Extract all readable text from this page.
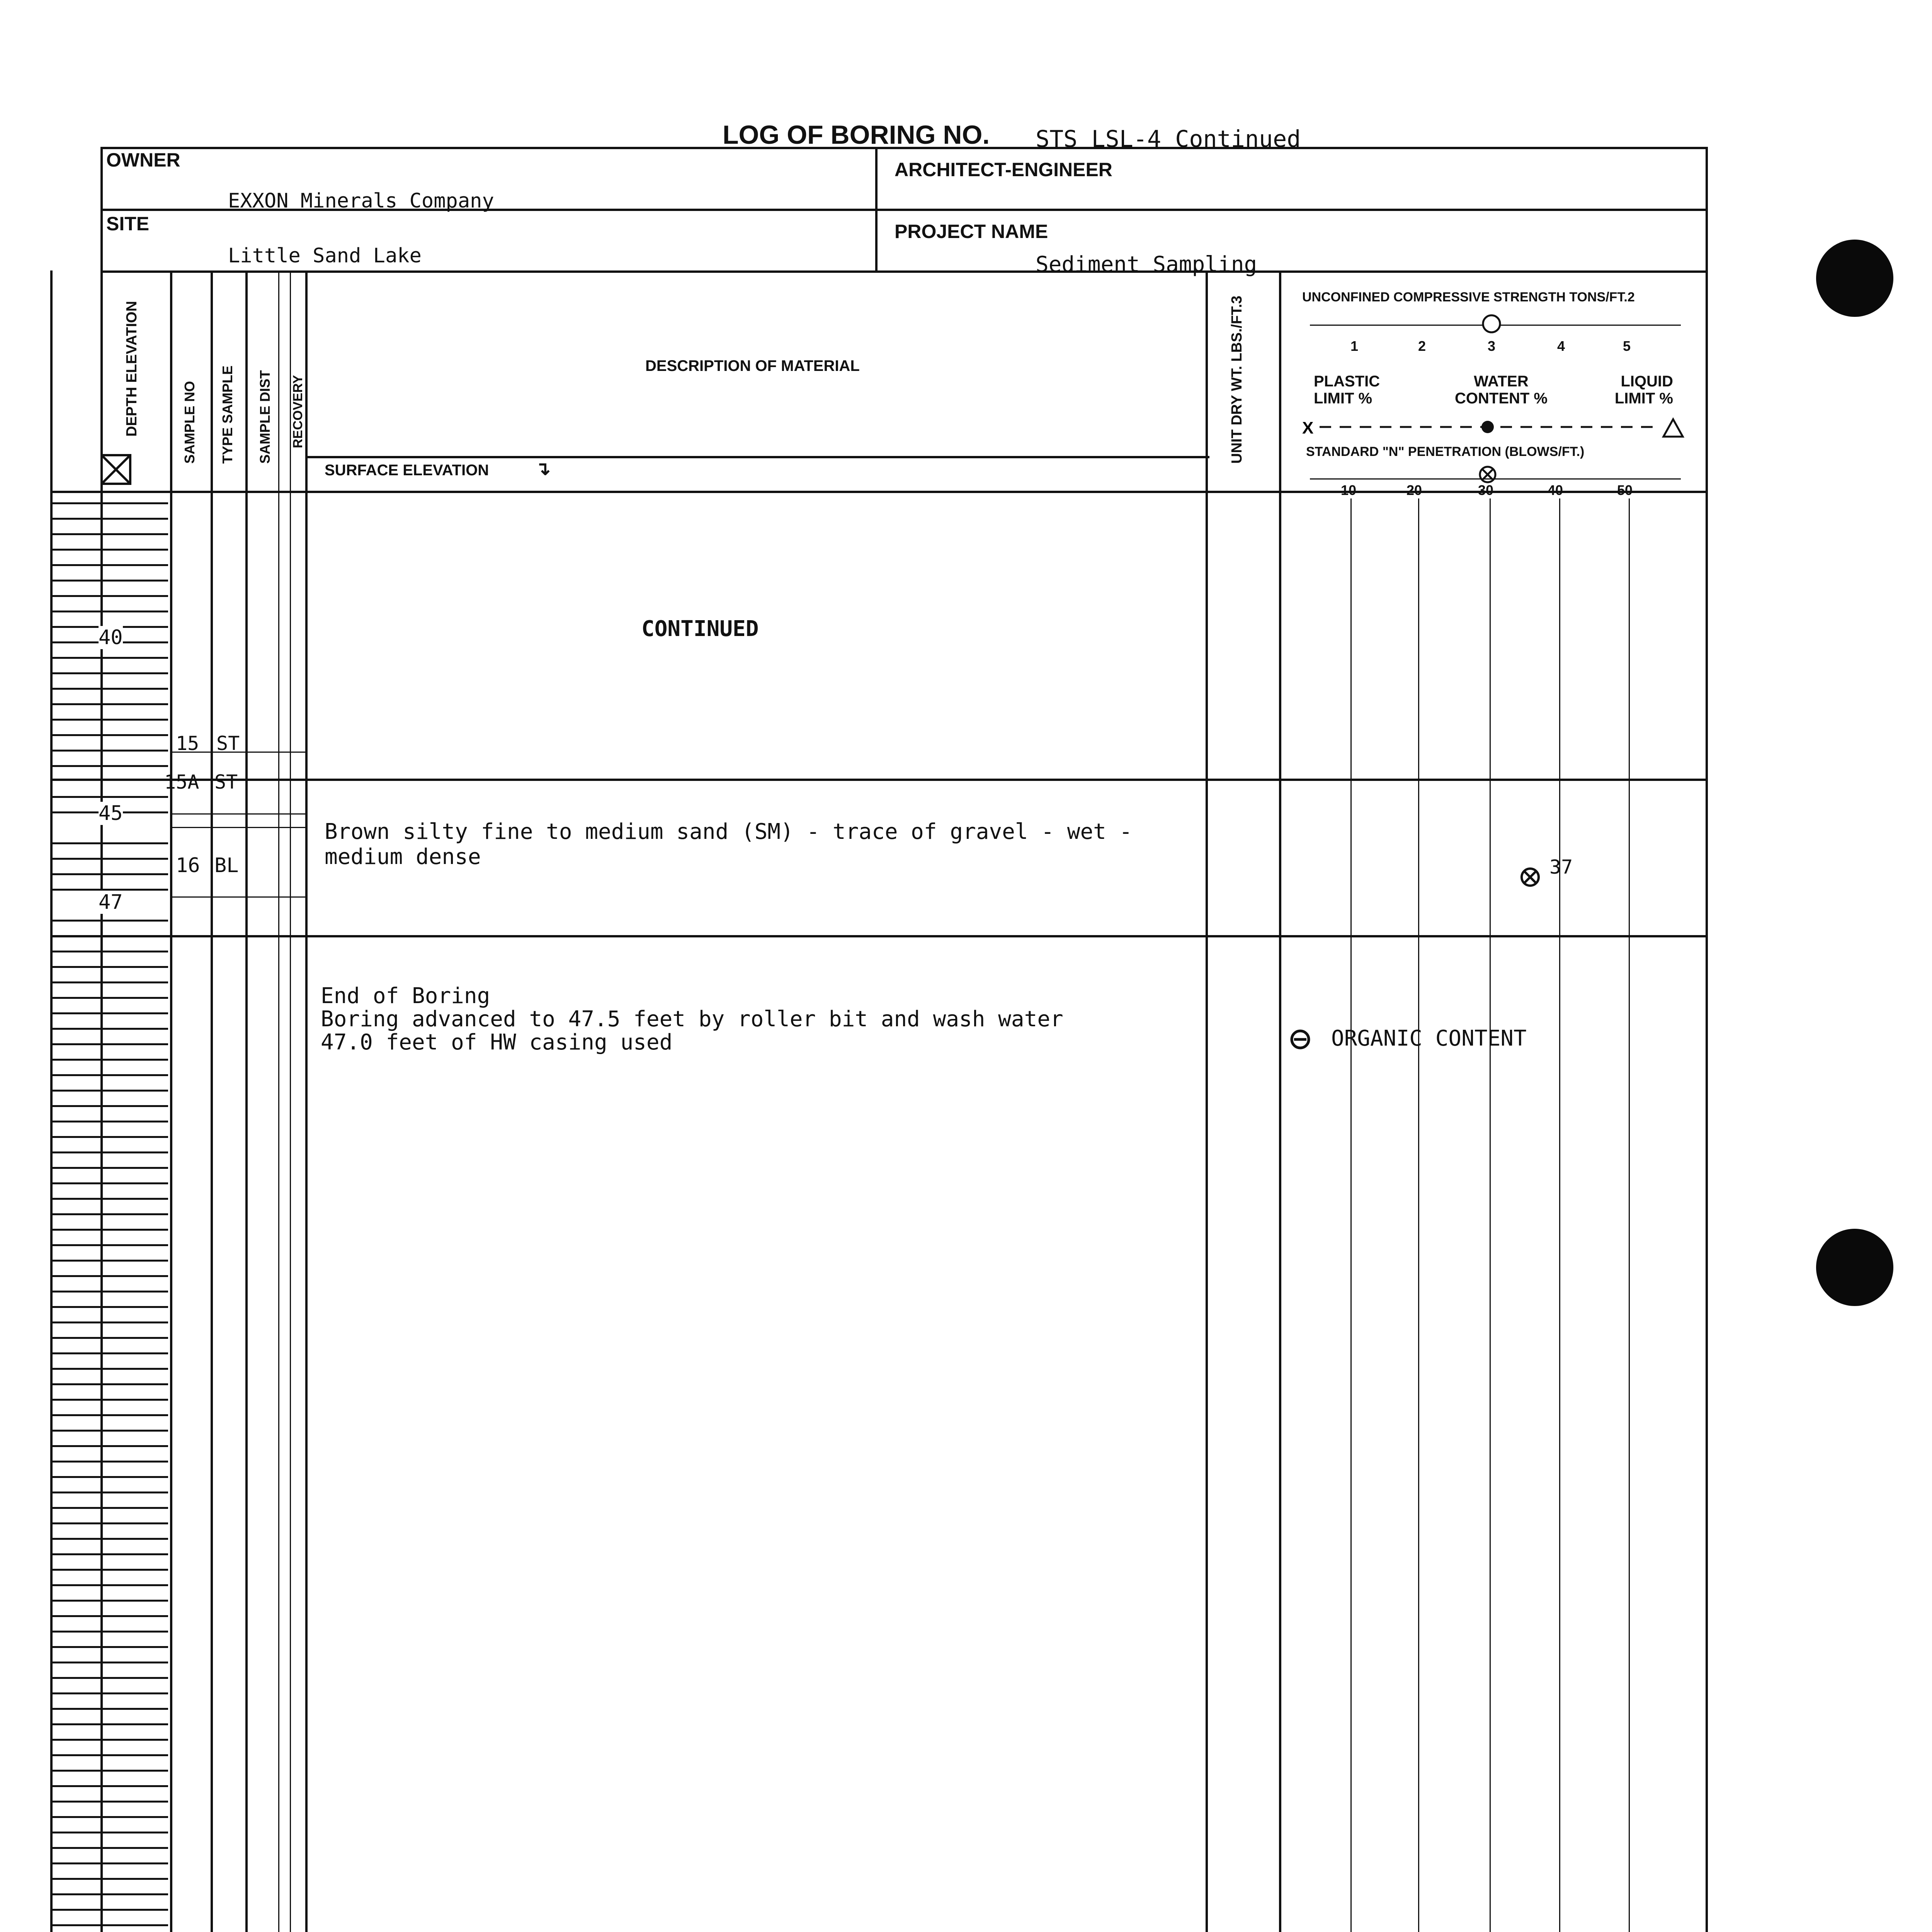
LOG OF BORING NO. STS LSL-4 Continued
OWNER
EXXON Minerals Company
ARCHITECT-ENGINEER
SITE
Little Sand Lake
PROJECT NAME
Sediment Sampling
DEPTH ELEVATION	SAMPLE NO TYPE SAMPLE SAMPLE DIST RECOVERY	UNIT DRY WT. LBS./FT.3
DESCRIPTION OF MATERIAL
SURFACE ELEVATION ↴
UNCONFINED COMPRESSIVE STRENGTH TONS/FT.2
1	2	3	4	5
PLASTIC LIMIT %
WATER CONTENT %
LIQUID LIMIT %
X
STANDARD "N" PENETRATION (BLOWS/FT.)
10	20	30	40	50
40
45
47
15 ST
15A ST
16 BL
CONTINUED
Brown silty fine to medium sand (SM) - trace of gravel - wet -
medium dense	37
End of Boring
Boring advanced to 47.5 feet by roller bit and wash water
47.0 feet of HW casing used	ORGANIC CONTENT
